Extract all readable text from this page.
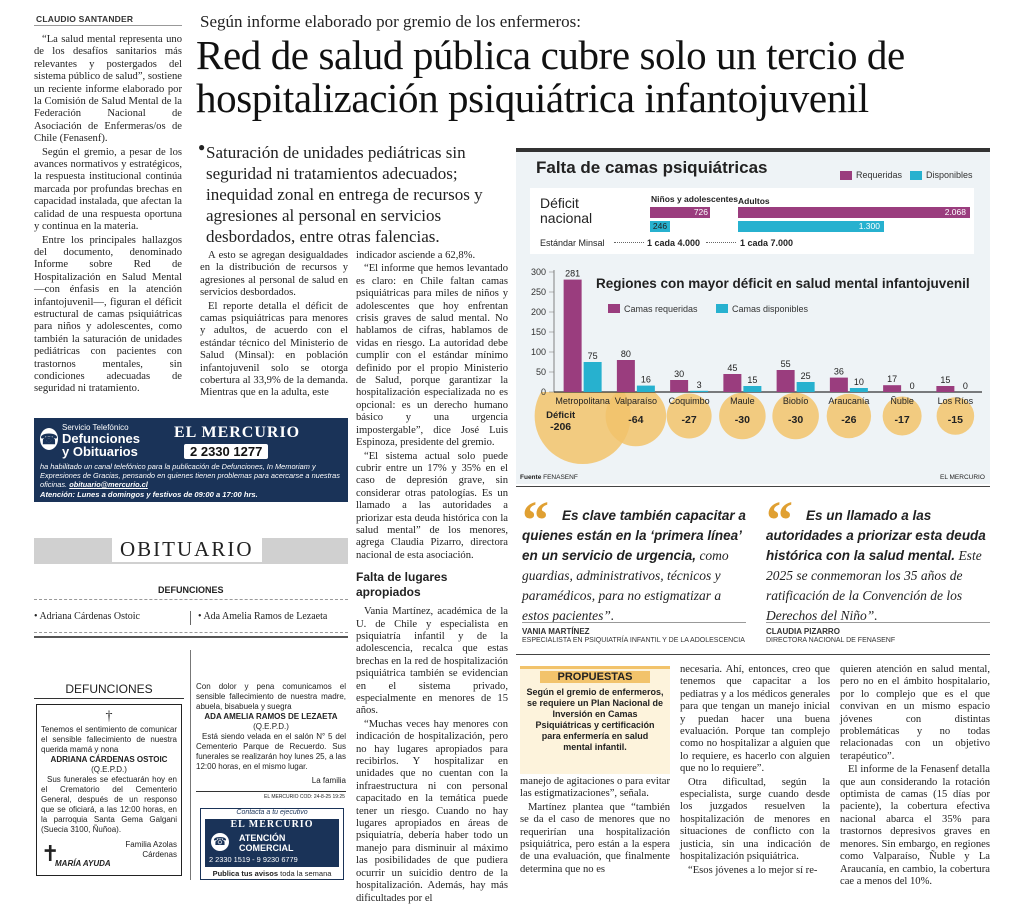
CLAUDIO SANTANDER

“La salud mental representa uno de los desafíos sanitarios más relevantes y postergados del sistema público de salud”, sostiene un reciente informe elaborado por la Comisión de Salud Mental de la Federación Nacional de Asociación de Enfermeras/os de Chile (Fenasenf).

Según el gremio, a pesar de los avances normativos y estratégicos, la respuesta institucional continúa marcada por profundas brechas en capacidad instalada, que afectan la calidad de una respuesta oportuna y continua en la materia.

Entre los principales hallazgos del documento, denominado Informe sobre Red de Hospitalización en Salud Mental —con énfasis en la atención infantojuvenil—, figuran el déficit estructural de camas psiquiátricas para niños y adolescentes, como también la saturación de unidades pediátricas con pacientes con trastornos mentales, sin condiciones adecuadas de seguridad ni tratamiento.

☎
Servicio Telefónico
Defunciones
y Obituarios
EL MERCURIO
2 2330 1277
ha habilitado un canal telefónico para la publicación de Defunciones, In Memoriam y Expresiones de Gracias, pensando en quienes tienen problemas para acercarse a nuestras oficinas. obituario@mercurio.cl
Atención: Lunes a domingos y festivos de 09:00 a 17:00 hrs.
OBITUARIO
DEFUNCIONES
• Adriana Cárdenas Ostoic	• Ada Amelia Ramos de Lezaeta
DEFUNCIONES
†
Tenemos el sentimiento de comunicar el sensible fallecimiento de nuestra querida mamá y nona
ADRIANA CÁRDENAS OSTOIC
(Q.E.P.D.)
Sus funerales se efectuarán hoy en el Crematorio del Cementerio General, después de un responso que se oficiará, a las 12:00 horas, en la parroquia Santa Gema Galgani (Suecia 3100, Ñuñoa).
Familia Azolas
Cárdenas
✝
MARÍA AYUDA
Con dolor y pena comunicamos el sensible fallecimiento de nuestra madre, abuela, bisabuela y suegra
ADA AMELIA RAMOS DE LEZAETA
(Q.E.P.D.)
Está siendo velada en el salón N° 5 del Cementerio Parque de Recuerdo. Sus funerales se realizarán hoy lunes 25, a las 12:00 horas, en el mismo lugar.
La familia
EL MERCURIO COD: 24-8-25 19:25
Contacta a tu ejecutivo
EL MERCURIO
☎ ATENCIÓN
COMERCIAL
2 2330 1519 - 9 9230 6779
Publica tus avisos toda la semana
Según informe elaborado por gremio de los enfermeros:
Red de salud pública cubre solo un tercio de
hospitalización psiquiátrica infantojuvenil
● Saturación de unidades pediátricas sin seguridad ni tratamientos adecuados; inequidad zonal en entrega de recursos y agresiones al personal en servicios desbordados, entre otras falencias.

A esto se agregan desigualdades en la distribución de recursos y agresiones al personal de salud en servicios desbordados.

El reporte detalla el déficit de camas psiquiátricas para menores y adultos, de acuerdo con el estándar técnico del Ministerio de Salud (Minsal): en población infantojuvenil solo se otorga cobertura al 33,9% de la demanda. Mientras que en la adulta, este

indicador asciende a 62,8%.

“El informe que hemos levantado es claro: en Chile faltan camas psiquiátricas para miles de niños y adolescentes que hoy enfrentan crisis graves de salud mental. No hablamos de cifras, hablamos de vidas en riesgo. La autoridad debe cumplir con el estándar mínimo definido por el propio Ministerio de Salud, porque garantizar la hospitalización especializada no es opcional: es un derecho humano básico y una urgencia impostergable”, dice José Luis Espinoza, presidente del gremio.

“El sistema actual solo puede cubrir entre un 17% y 35% en el caso de depresión grave, sin considerar otras patologías. Es un llamado a las autoridades a priorizar esta deuda histórica con la salud mental” de los menores, agrega Claudia Pizarro, directora nacional de esta asociación.

Falta de lugares apropiados

Vania Martínez, académica de la U. de Chile y especialista en psiquiatría infantil y de la adolescencia, recalca que estas brechas en la red de hospitalización psiquiátrica también se evidencian en el sistema privado, especialmente en menores de 15 años.

“Muchas veces hay menores con indicación de hospitalización, pero no hay lugares apropiados para recibirlos. Y hospitalizar en unidades que no cuentan con la infraestructura ni con personal capacitado en la temática puede tener un riesgo. Cuando no hay lugares apropiados en áreas de psiquiatría, debería haber todo un manejo para disminuir al máximo las posibilidades de que pudiera ocurrir un suicidio dentro de la hospitalización. Además, hay más dificultades por el

Falta de camas psiquiátricas	Requeridas	Disponibles
Déficit
nacional
Niños y adolescentes
726
246
Adultos
2.068
1.300
Estándar Minsal	1 cada 4.000	1 cada 7.000
0
50
100
150
200
250
300
Regiones con mayor déficit en salud mental infantojuvenil
Camas requeridas	Camas disponibles
281
75
Metropolitana
Déficit
-206
80
16
Valparaíso
-64
30
3
Coquimbo
-27
45
15
Maule
-30
55
25
Biobío
-30
36
10
Araucanía
-26
17
0
Ñuble
-17
15
0
Los Ríos
-15
Fuente FENASENF	EL MERCURIO
“ Es clave también capacitar a quienes están en la ‘primera línea’ en un servicio de urgencia, como guardias, administrativos, técnicos y paramédicos, para no estigmatizar a estos pacientes”.
VANIA MARTÍNEZ
ESPECIALISTA EN PSIQUIATRÍA INFANTIL Y DE LA ADOLESCENCIA
“ Es un llamado a las autoridades a priorizar esta deuda histórica con la salud mental. Este 2025 se conmemoran los 35 años de ratificación de la Convención de los Derechos del Niño”.
CLAUDIA PIZARRO
DIRECTORA NACIONAL DE FENASENF
PROPUESTAS
Según el gremio de enfermeros, se requiere un Plan Nacional de Inversión en Camas Psiquiátricas y certificación para enfermería en salud mental infantil.

manejo de agitaciones o para evitar las estigmatizaciones”, señala.

Martínez plantea que “también se da el caso de menores que no requerirían una hospitalización psiquiátrica, pero están a la espera de una evaluación, que finalmente determina que no es

necesaria. Ahí, entonces, creo que tenemos que capacitar a los pediatras y a los médicos generales para que tengan un manejo inicial y puedan hacer una buena evaluación. Porque tan complejo como no hospitalizar a alguien que lo requiere, es hacerlo con alguien que no lo requiere”.

Otra dificultad, según la especialista, surge cuando desde los juzgados resuelven la hospitalización de menores en situaciones de conflicto con la justicia, sin una indicación de hospitalización psiquiátrica.

“Esos jóvenes a lo mejor sí re-

quieren atención en salud mental, pero no en el ámbito hospitalario, por lo complejo que es el que convivan en un mismo espacio jóvenes con distintas problemáticas y no todas relacionadas con un objetivo terapéutico”.

El informe de la Fenasenf detalla que aun considerando la rotación optimista de camas (15 días por paciente), la cobertura efectiva nacional abarca el 35% para trastornos depresivos graves en menores. Sin embargo, en regiones como Valparaíso, Ñuble y La Araucanía, en cambio, la cobertura cae a menos del 10%.
